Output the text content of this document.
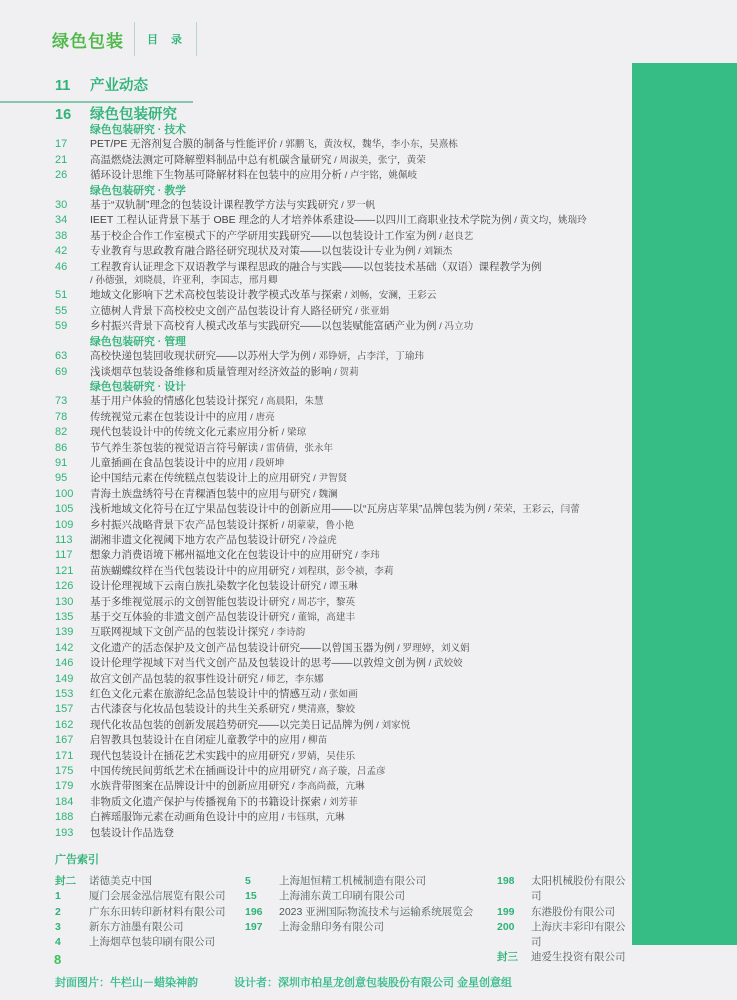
绿色包装 目 录
11	产业动态
16	绿色包装研究
绿色包装研究 · 技术
17	PET/PE 无溶剂复合膜的制备与性能评价 / 郭鹏飞，黄汝权，魏华，李小东，吴熹栋
21	高温燃烧法测定可降解塑料制品中总有机碳含量研究 / 周淑美，张宁，黄荣
26	循环设计思维下生物基可降解材料在包装中的应用分析 / 卢宇铭，姚佩岐
绿色包装研究 · 教学
30	基于“双轨制”理念的包装设计课程教学方法与实践研究 / 罗一帆
34	IEET 工程认证背景下基于 OBE 理念的人才培养体系建设——以四川工商职业技术学院为例 / 黄文均，姚瑞玲
38	基于校企合作工作室模式下的产学研用实践研究——以包装设计工作室为例 / 赵良艺
42	专业教育与思政教育融合路径研究现状及对策——以包装设计专业为例 / 刘颖杰
46	工程教育认证理念下双语教学与课程思政的融合与实践——以包装技术基础（双语）课程教学为例
/ 孙德强，刘晓晨，许亚利，李国志，邢月卿
51	地域文化影响下艺术高校包装设计教学模式改革与探索 / 刘畅，安澜，王彩云
55	立德树人背景下高校校史文创产品包装设计育人路径研究 / 张亚娟
59	乡村振兴背景下高校育人模式改革与实践研究——以包装赋能富硒产业为例 / 冯立功
绿色包装研究 · 管理
63	高校快递包装回收现状研究——以苏州大学为例 / 邓铮妍，占李洋，丁瑜玮
69	浅谈烟草包装设备维修和质量管理对经济效益的影响 / 贺莉
绿色包装研究 · 设计
73	基于用户体验的情感化包装设计探究 / 高晨阳，朱慧
78	传统视觉元素在包装设计中的应用 / 唐亮
82	现代包装设计中的传统文化元素应用分析 / 梁琼
86	节气养生茶包装的视觉语言符号解读 / 雷倩倩，张永年
91	儿童插画在食品包装设计中的应用 / 段妍坤
95	论中国结元素在传统糕点包装设计上的应用研究 / 尹智贤
100	青海土族盘绣符号在青稞酒包装中的应用与研究 / 魏澜
105	浅析地域文化符号在辽宁果品包装设计中的创新应用——以“瓦房店苹果”品牌包装为例 / 荣荣，王彩云，闫蕾
109	乡村振兴战略背景下农产品包装设计探析 / 胡蒙蒙，鲁小艳
113	湖湘非遗文化视阈下地方农产品包装设计研究 / 冷益虎
117	想象力消费语境下郴州福地文化在包装设计中的应用研究 / 李玮
121	苗族蝴蝶纹样在当代包装设计中的应用研究 / 刘程琪，彭令祯，李莉
126	设计伦理视域下云南白族扎染数字化包装设计研究 / 谭玉琳
130	基于多维视觉展示的文创智能包装设计研究 / 周芯宇，黎英
135	基于交互体验的非遗文创产品包装设计研究 / 董锦，高建丰
139	互联网视域下文创产品的包装设计探究 / 李诗韵
142	文化遗产的活态保护及文创产品包装设计研究——以曾国玉器为例 / 罗理婷，刘义娟
146	设计伦理学视域下对当代文创产品及包装设计的思考——以敦煌文创为例 / 武姣姣
149	故宫文创产品包装的叙事性设计研究 / 师艺，李东娜
153	红色文化元素在旅游纪念品包装设计中的情感互动 / 张如画
157	古代漆奁与化妆品包装设计的共生关系研究 / 樊清熹，黎姣
162	现代化妆品包装的创新发展趋势研究——以完美日记品牌为例 / 刘家悦
167	启智教具包装设计在自闭症儿童教学中的应用 / 柳苗
171	现代包装设计在插花艺术实践中的应用研究 / 罗婧，吴佳乐
175	中国传统民间剪纸艺术在插画设计中的应用研究 / 高子璇，吕孟彦
179	水族背带图案在品牌设计中的创新应用研究 / 李高尚薇，亢琳
184	非物质文化遗产保护与传播视角下的书籍设计探索 / 刘芳菲
188	白裤瑶服饰元素在动画角色设计中的应用 / 韦钰琪，亢琳
193	包装设计作品选登
广告索引
封二	诺德美克中国
1	厦门会展金泓信展览有限公司
2	广东东田转印新材料有限公司
3	新东方油墨有限公司
4	上海烟草包装印刷有限公司
5	上海旭恒精工机械制造有限公司
15	上海浦东黄工印刷有限公司
196	2023 亚洲国际物流技术与运输系统展览会
197	上海金鼎印务有限公司
198	太阳机械股份有限公司
199	东港股份有限公司
200	上海庆丰彩印有限公司
封三	迪爱生投资有限公司
封面图片：牛栏山－蜡染神韵	设计者：深圳市柏星龙创意包装股份有限公司 金星创意组
8
